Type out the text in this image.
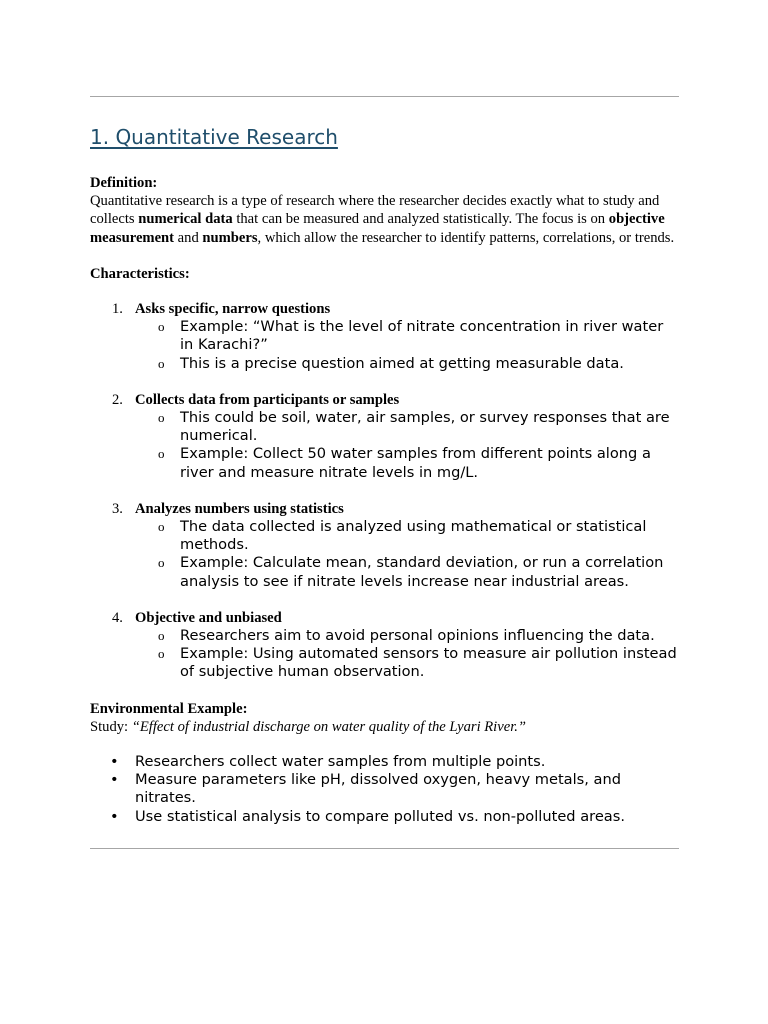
1. Quantitative Research
Definition:

Quantitative research is a type of research where the researcher decides exactly what to study and collects numerical data that can be measured and analyzed statistically. The focus is on objective measurement and numbers, which allow the researcher to identify patterns, correlations, or trends.

Characteristics:
1. Asks specific, narrow questions
o Example: “What is the level of nitrate concentration in river water in Karachi?”
o This is a precise question aimed at getting measurable data.
2. Collects data from participants or samples
o This could be soil, water, air samples, or survey responses that are numerical.
o Example: Collect 50 water samples from different points along a river and measure nitrate levels in mg/L.
3. Analyzes numbers using statistics
o The data collected is analyzed using mathematical or statistical methods.
o Example: Calculate mean, standard deviation, or run a correlation analysis to see if nitrate levels increase near industrial areas.
4. Objective and unbiased
o Researchers aim to avoid personal opinions influencing the data.
o Example: Using automated sensors to measure air pollution instead of subjective human observation.
Environmental Example:
Study: “Effect of industrial discharge on water quality of the Lyari River.”
• Researchers collect water samples from multiple points.
• Measure parameters like pH, dissolved oxygen, heavy metals, and nitrates.
• Use statistical analysis to compare polluted vs. non-polluted areas.
